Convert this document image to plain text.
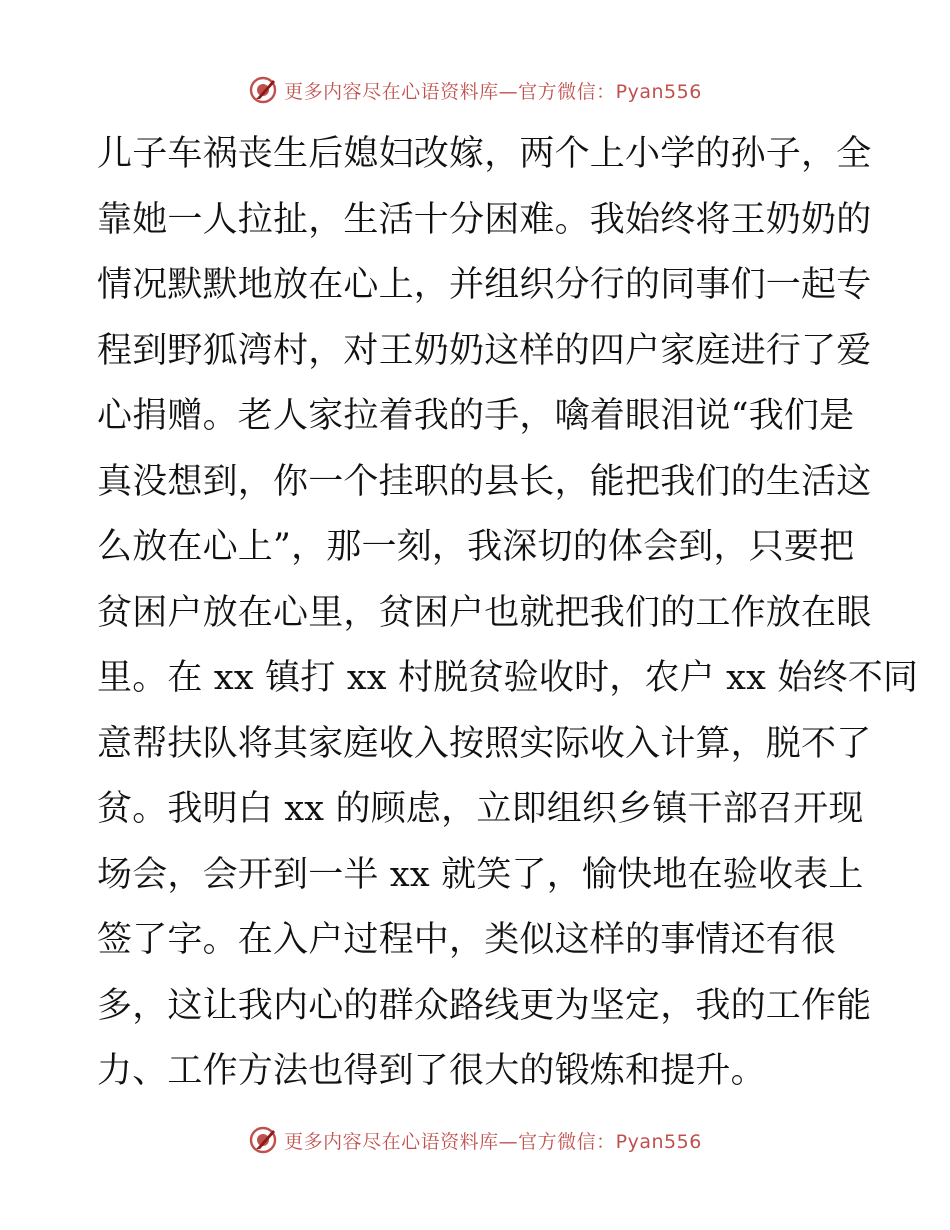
更多内容尽在心语资料库—官方微信：Pyan556
儿子车祸丧生后媳妇改嫁，两个上小学的孙子，全
靠她一人拉扯，生活十分困难。我始终将王奶奶的
情况默默地放在心上，并组织分行的同事们一起专
程到野狐湾村，对王奶奶这样的四户家庭进行了爱
心捐赠。老人家拉着我的手，噙着眼泪说“我们是
真没想到，你一个挂职的县长，能把我们的生活这
么放在心上”，那一刻，我深切的体会到，只要把
贫困户放在心里，贫困户也就把我们的工作放在眼
里。在 xx 镇打 xx 村脱贫验收时，农户 xx 始终不同
意帮扶队将其家庭收入按照实际收入计算，脱不了
贫。我明白 xx 的顾虑，立即组织乡镇干部召开现
场会，会开到一半 xx 就笑了，愉快地在验收表上
签了字。在入户过程中，类似这样的事情还有很
多，这让我内心的群众路线更为坚定，我的工作能
力、工作方法也得到了很大的锻炼和提升。
更多内容尽在心语资料库—官方微信：Pyan556
